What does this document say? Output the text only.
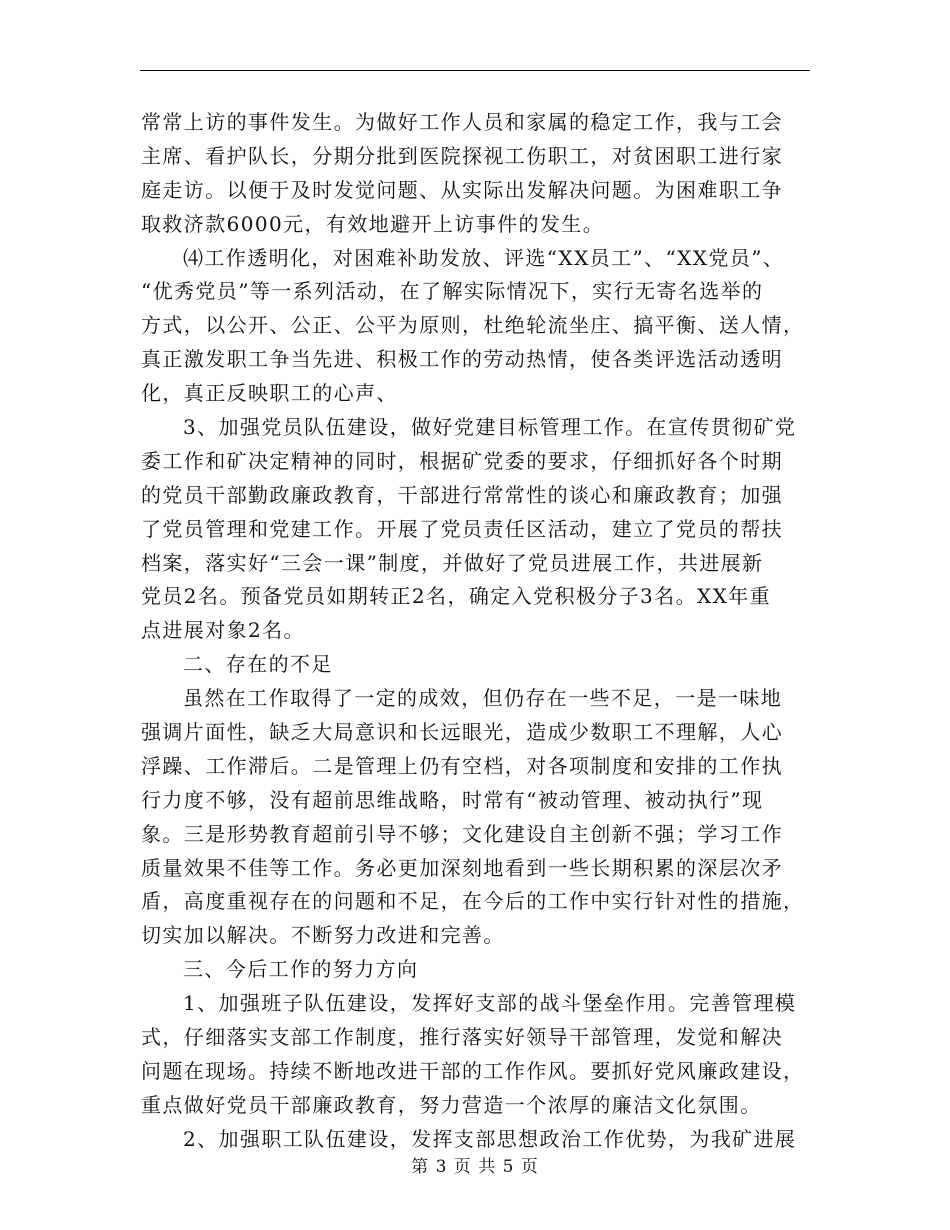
常常上访的事件发生。为做好工作人员和家属的稳定工作，我与工会
主席、看护队长，分期分批到医院探视工伤职工，对贫困职工进行家
庭走访。以便于及时发觉问题、从实际出发解决问题。为困难职工争
取救济款6000元，有效地避开上访事件的发生。
⑷工作透明化，对困难补助发放、评选“XX员工”、“XX党员”、
“优秀党员”等一系列活动，在了解实际情况下，实行无寄名选举的
方式，以公开、公正、公平为原则，杜绝轮流坐庄、搞平衡、送人情，
真正激发职工争当先进、积极工作的劳动热情，使各类评选活动透明
化，真正反映职工的心声、
3、加强党员队伍建设，做好党建目标管理工作。在宣传贯彻矿党
委工作和矿决定精神的同时，根据矿党委的要求，仔细抓好各个时期
的党员干部勤政廉政教育，干部进行常常性的谈心和廉政教育；加强
了党员管理和党建工作。开展了党员责任区活动，建立了党员的帮扶
档案，落实好“三会一课”制度，并做好了党员进展工作，共进展新
党员2名。预备党员如期转正2名，确定入党积极分子3名。XX年重
点进展对象2名。
二、存在的不足
虽然在工作取得了一定的成效，但仍存在一些不足，一是一味地
强调片面性，缺乏大局意识和长远眼光，造成少数职工不理解，人心
浮躁、工作滞后。二是管理上仍有空档，对各项制度和安排的工作执
行力度不够，没有超前思维战略，时常有“被动管理、被动执行”现
象。三是形势教育超前引导不够；文化建设自主创新不强；学习工作
质量效果不佳等工作。务必更加深刻地看到一些长期积累的深层次矛
盾，高度重视存在的问题和不足，在今后的工作中实行针对性的措施，
切实加以解决。不断努力改进和完善。
三、今后工作的努力方向
1、加强班子队伍建设，发挥好支部的战斗堡垒作用。完善管理模
式，仔细落实支部工作制度，推行落实好领导干部管理，发觉和解决
问题在现场。持续不断地改进干部的工作作风。要抓好党风廉政建设，
重点做好党员干部廉政教育，努力营造一个浓厚的廉洁文化氛围。
2、加强职工队伍建设，发挥支部思想政治工作优势，为我矿进展
第 3 页 共 5 页
